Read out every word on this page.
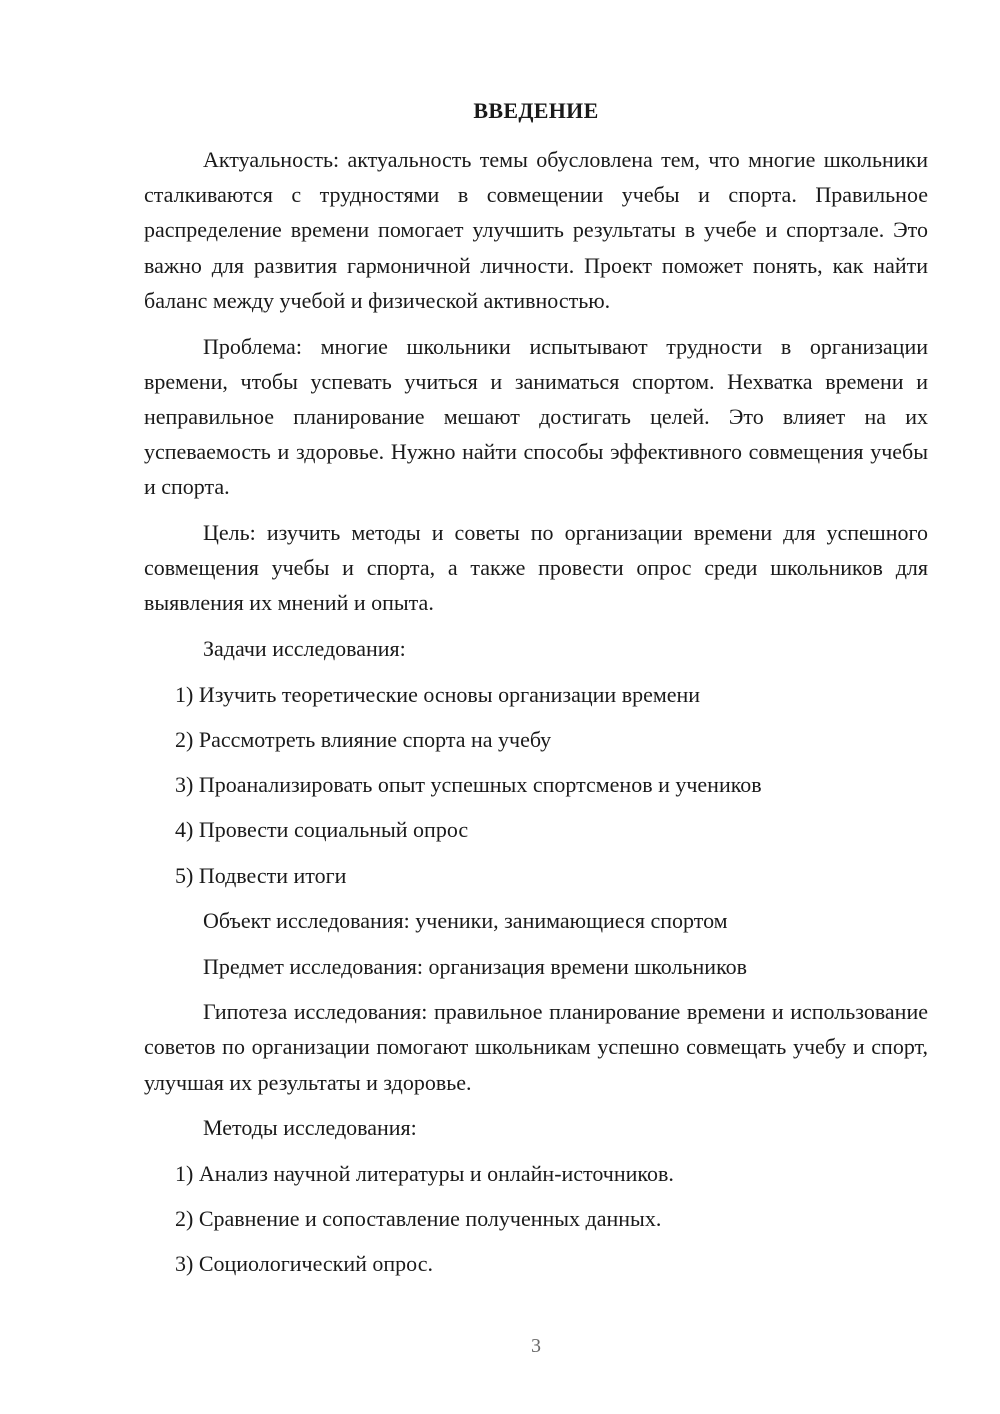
ВВЕДЕНИЕ

Актуальность: актуальность темы обусловлена тем, что многие школьники сталкиваются с трудностями в совмещении учебы и спорта. Правильное распределение времени помогает улучшить результаты в учебе и спортзале. Это важно для развития гармоничной личности. Проект поможет понять, как найти баланс между учебой и физической активностью.

Проблема: многие школьники испытывают трудности в организации времени, чтобы успевать учиться и заниматься спортом. Нехватка времени и неправильное планирование мешают достигать целей. Это влияет на их успеваемость и здоровье. Нужно найти способы эффективного совмещения учебы и спорта.

Цель: изучить методы и советы по организации времени для успешного совмещения учебы и спорта, а также провести опрос среди школьников для выявления их мнений и опыта.

Задачи исследования:

1) Изучить теоретические основы организации времени

2) Рассмотреть влияние спорта на учебу

3) Проанализировать опыт успешных спортсменов и учеников

4) Провести социальный опрос

5) Подвести итоги

Объект исследования: ученики, занимающиеся спортом

Предмет исследования: организация времени школьников

Гипотеза исследования: правильное планирование времени и использование советов по организации помогают школьникам успешно совмещать учебу и спорт, улучшая их результаты и здоровье.

Методы исследования:

1) Анализ научной литературы и онлайн-источников.

2) Сравнение и сопоставление полученных данных.

3) Социологический опрос.

3
